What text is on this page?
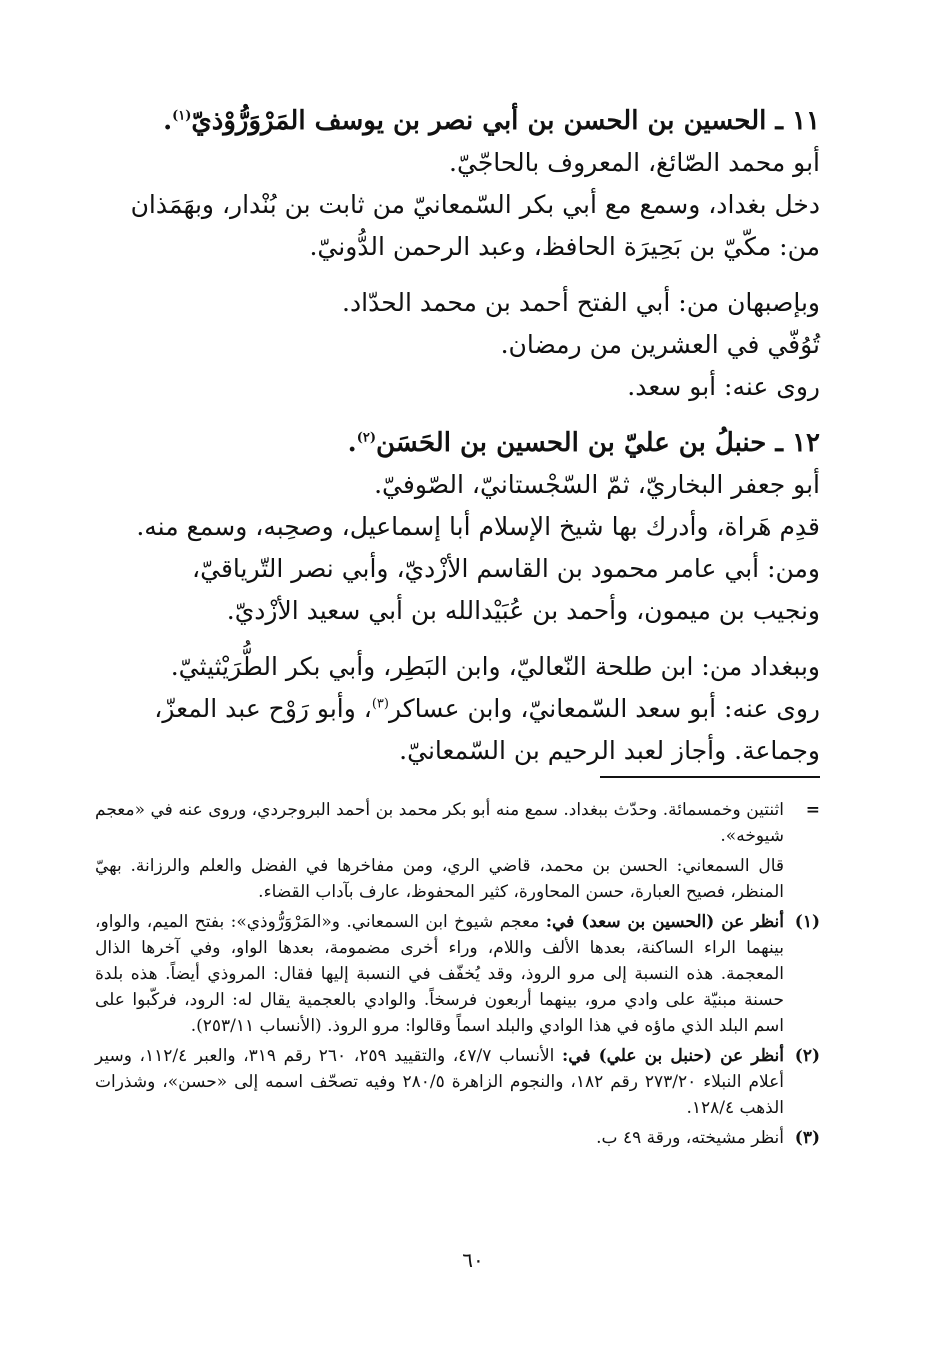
١١ ـ الحسين بن الحسن بن أبي نصر بن يوسف المَرْوَرُّوْذيّ$^{(١)}$.

أبو محمد الصّائغ، المعروف بالحاجّيّ.

دخل بغداد، وسمع مع أبي بكر السّمعانيّ من ثابت بن بُنْدار، وبهَمَذان

من: مكّيّ بن بَحِيرَة الحافظ، وعبد الرحمن الدُّونيّ.

وبإصبهان من: أبي الفتح أحمد بن محمد الحدّاد.

تُوُفّي في العشرين من رمضان.

روى عنه: أبو سعد.

١٢ ـ حنبلُ بن عليّ بن الحسين بن الحَسَن$^{(٢)}$.

أبو جعفر البخاريّ، ثمّ السّجْستانيّ، الصّوفيّ.

قدِم هَراة، وأدرك بها شيخ الإسلام أبا إسماعيل، وصحِبه، وسمع منه.

ومن: أبي عامر محمود بن القاسم الأزْديّ، وأبي نصر التّرياقيّ،

ونجيب بن ميمون، وأحمد بن عُبَيْدالله بن أبي سعيد الأزْديّ.

وببغداد من: ابن طلحة النّعاليّ، وابن البَطِر، وأبي بكر الطُّرَيْثيثيّ.

روى عنه: أبو سعد السّمعانيّ، وابن عساكر$^{(٣)}$، وأبو رَوْح عبد المعزّ،

وجماعة. وأجاز لعبد الرحيم بن السّمعانيّ.

=
اثنتين وخمسمائة. وحدّث ببغداد. سمع منه أبو بكر محمد بن أحمد البروجردي، وروى عنه في «معجم شيوخه».
قال السمعاني: الحسن بن محمد، قاضي الري، ومن مفاخرها في الفضل والعلم والرزانة. بهيّ المنظر، فصيح العبارة، حسن المحاورة، كثير المحفوظ، عارف بآداب القضاء.
(١)
أنظر عن (الحسين بن سعد) في: معجم شيوخ ابن السمعاني. و«المَرْوَرُّوذي»: بفتح الميم، والواو، بينهما الراء الساكنة، بعدها الألف واللام، وراء أخرى مضمومة، بعدها الواو، وفي آخرها الذال المعجمة. هذه النسبة إلى مرو الروذ، وقد يُخفّف في النسبة إليها فقال: المروذي أيضاً. هذه بلدة حسنة مبنيّة على وادي مرو، بينهما أربعون فرسخاً. والوادي بالعجمية يقال له: الرود، فركّبوا على اسم البلد الذي ماؤه في هذا الوادي والبلد اسماً وقالوا: مرو الروذ. (الأنساب ٢٥٣/١١).
(٢)
أنظر عن (حنبل بن علي) في: الأنساب ٤٧/٧، والتقييد ٢٥٩، ٢٦٠ رقم ٣١٩، والعبر ١١٢/٤، وسير أعلام النبلاء ٢٧٣/٢٠ رقم ١٨٢، والنجوم الزاهرة ٢٨٠/٥ وفيه تصحّف اسمه إلى «حسن»، وشذرات الذهب ١٢٨/٤.
(٣)
أنظر مشيخته، ورقة ٤٩ ب.
٦٠
